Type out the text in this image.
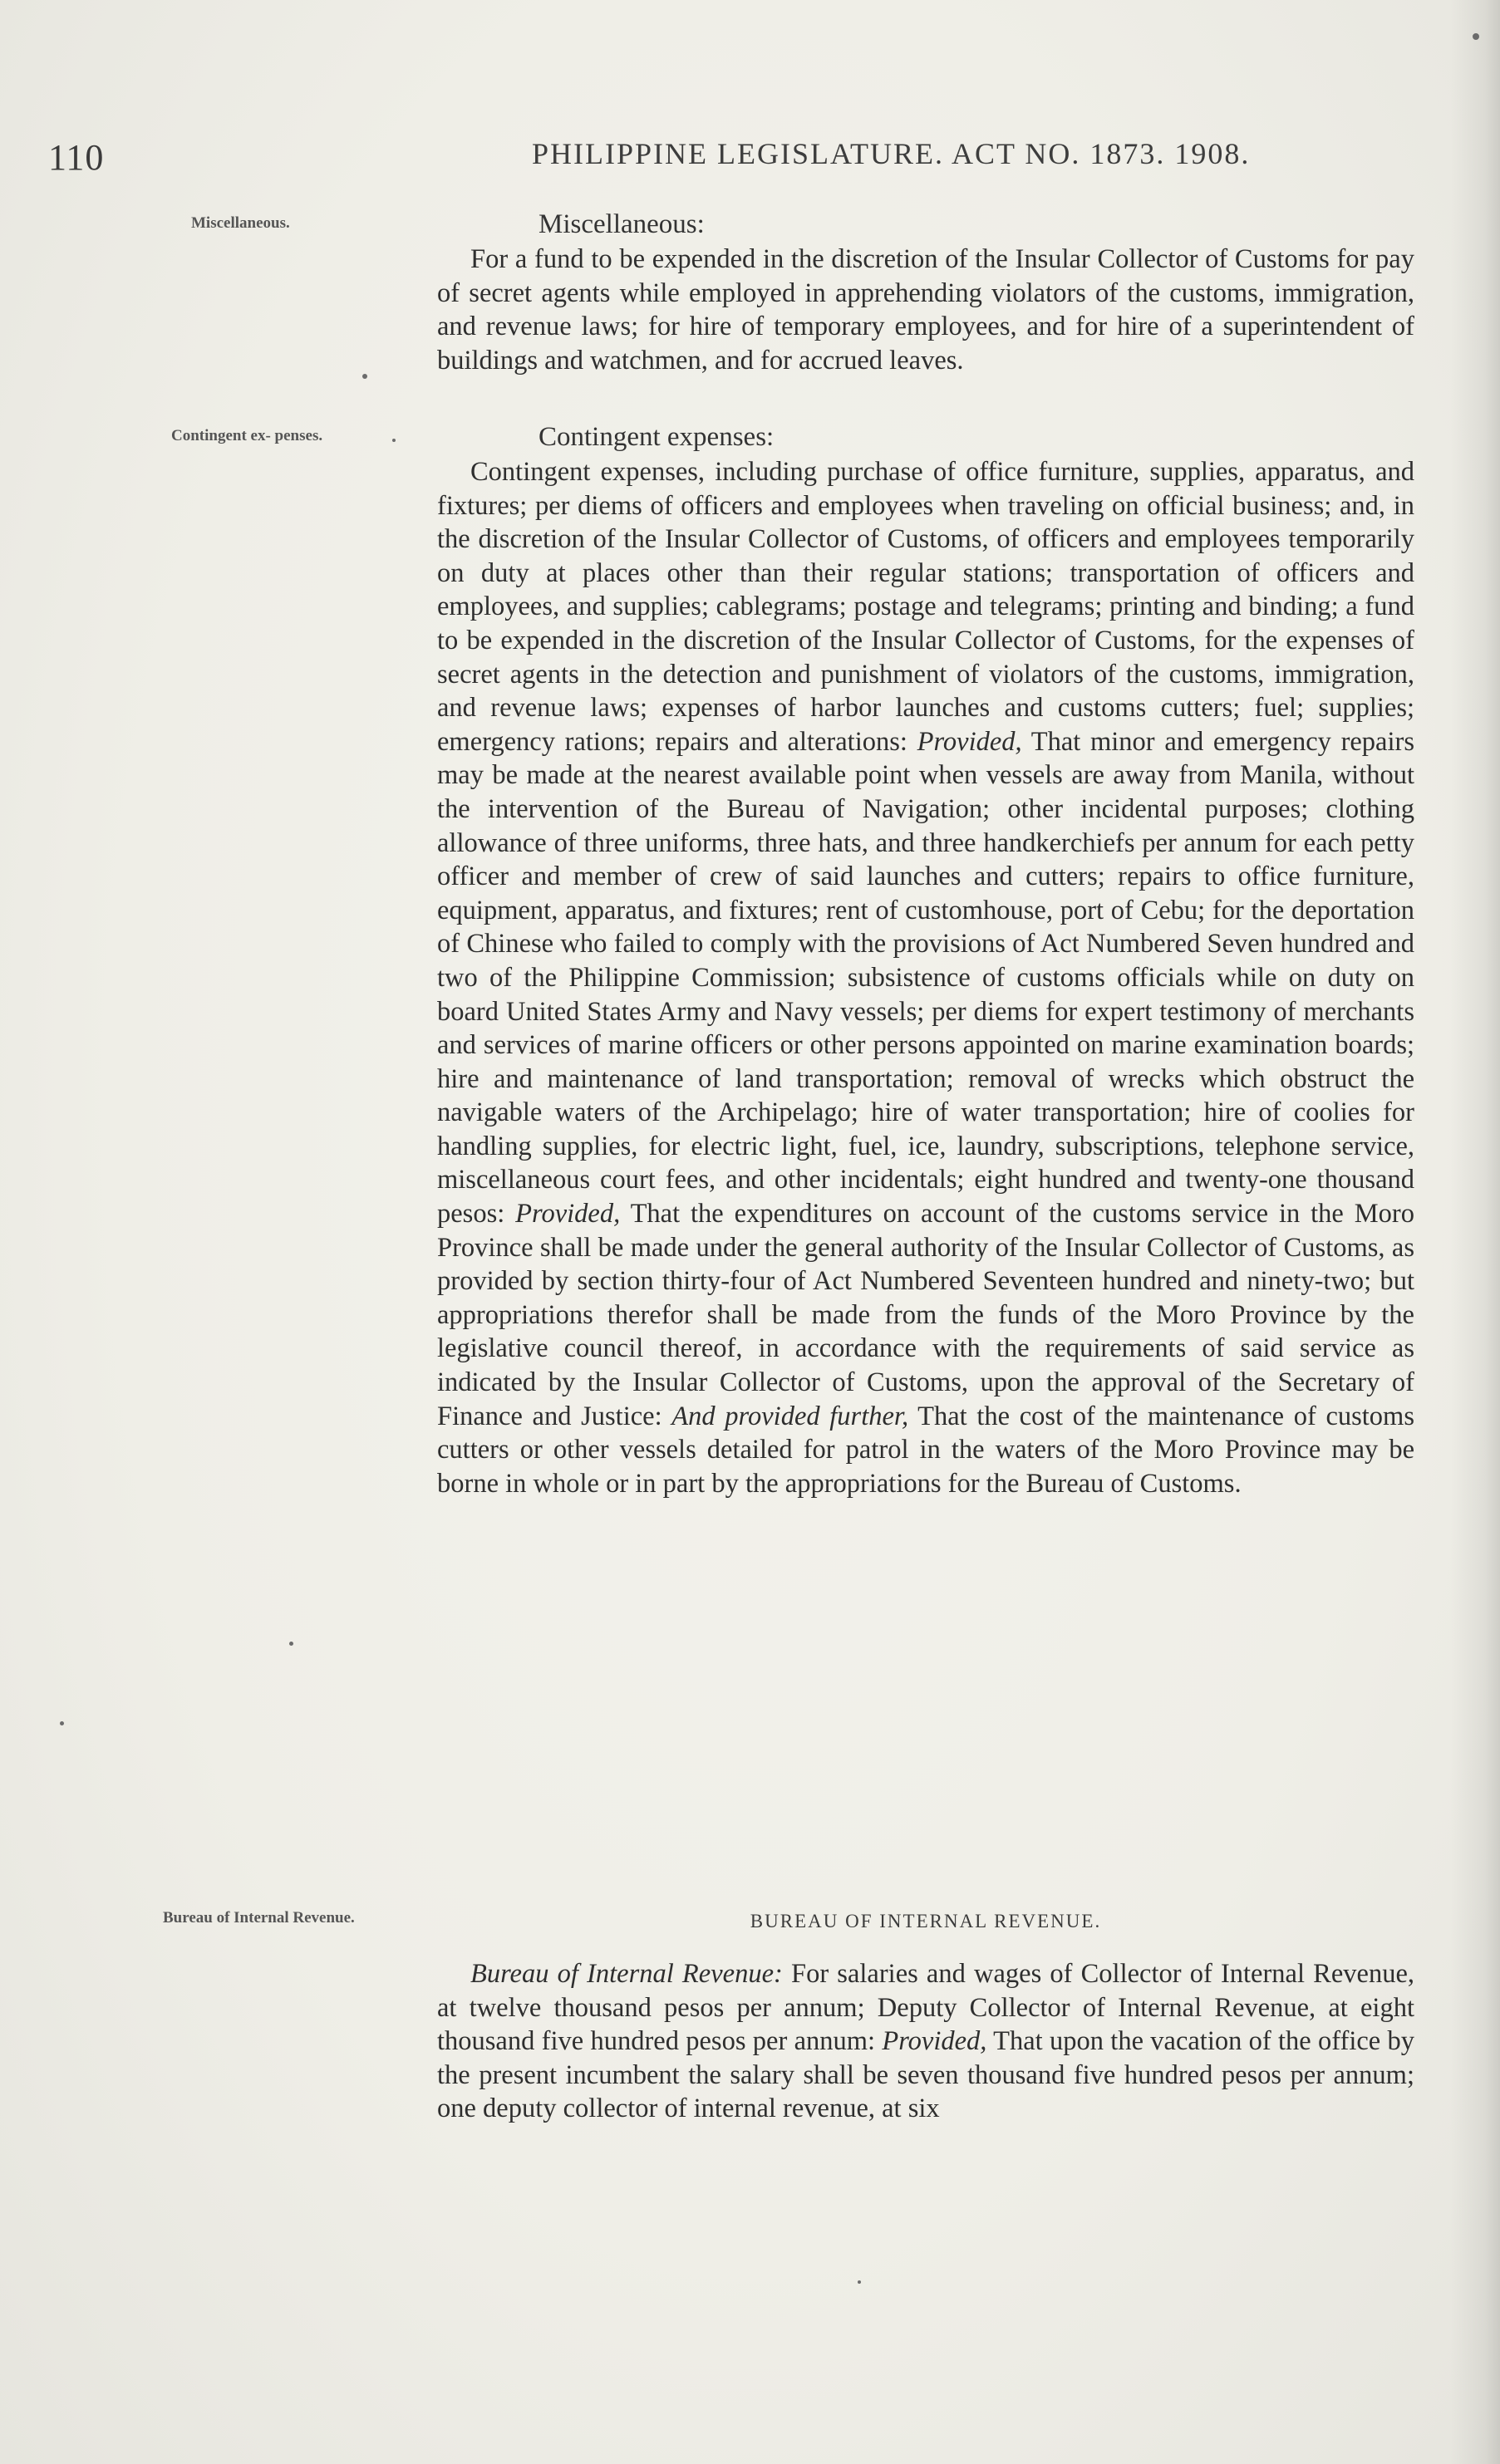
110	PHILIPPINE LEGISLATURE. ACT NO. 1873. 1908.
Miscellaneous.
Contingent ex- penses.
Bureau of Internal Revenue.
Miscellaneous:

For a fund to be expended in the discretion of the Insular Collector of Customs for pay of secret agents while employed in apprehending violators of the customs, immigration, and revenue laws; for hire of temporary employees, and for hire of a superintendent of buildings and watchmen, and for accrued leaves.

Contingent expenses:

Contingent expenses, including purchase of office furniture, supplies, apparatus, and fixtures; per diems of officers and employees when traveling on official business; and, in the discretion of the Insular Collector of Customs, of officers and employees temporarily on duty at places other than their regular stations; transportation of officers and employees, and supplies; cablegrams; postage and telegrams; printing and binding; a fund to be expended in the discretion of the Insular Collector of Customs, for the expenses of secret agents in the detection and punishment of violators of the customs, immigration, and revenue laws; expenses of harbor launches and customs cutters; fuel; supplies; emergency rations; repairs and alterations: Provided, That minor and emergency repairs may be made at the nearest available point when vessels are away from Manila, without the intervention of the Bureau of Navigation; other incidental purposes; clothing allowance of three uniforms, three hats, and three handkerchiefs per annum for each petty officer and member of crew of said launches and cutters; repairs to office furniture, equipment, apparatus, and fixtures; rent of customhouse, port of Cebu; for the deportation of Chinese who failed to comply with the provisions of Act Numbered Seven hundred and two of the Philippine Commission; subsistence of customs officials while on duty on board United States Army and Navy vessels; per diems for expert testimony of merchants and services of marine officers or other persons appointed on marine examination boards; hire and maintenance of land transportation; removal of wrecks which obstruct the navigable waters of the Archipelago; hire of water transportation; hire of coolies for handling supplies, for electric light, fuel, ice, laundry, subscriptions, telephone service, miscellaneous court fees, and other incidentals; eight hundred and twenty-one thousand pesos: Provided, That the expenditures on account of the customs service in the Moro Province shall be made under the general authority of the Insular Collector of Customs, as provided by section thirty-four of Act Numbered Seventeen hundred and ninety-two; but appropriations therefor shall be made from the funds of the Moro Province by the legislative council thereof, in accordance with the requirements of said service as indicated by the Insular Collector of Customs, upon the approval of the Secretary of Finance and Justice: And provided further, That the cost of the maintenance of customs cutters or other vessels detailed for patrol in the waters of the Moro Province may be borne in whole or in part by the appropriations for the Bureau of Customs.

BUREAU OF INTERNAL REVENUE.

Bureau of Internal Revenue: For salaries and wages of Collector of Internal Revenue, at twelve thousand pesos per annum; Deputy Collector of Internal Revenue, at eight thousand five hundred pesos per annum: Provided, That upon the vacation of the office by the present incumbent the salary shall be seven thousand five hundred pesos per annum; one deputy collector of internal revenue, at six
